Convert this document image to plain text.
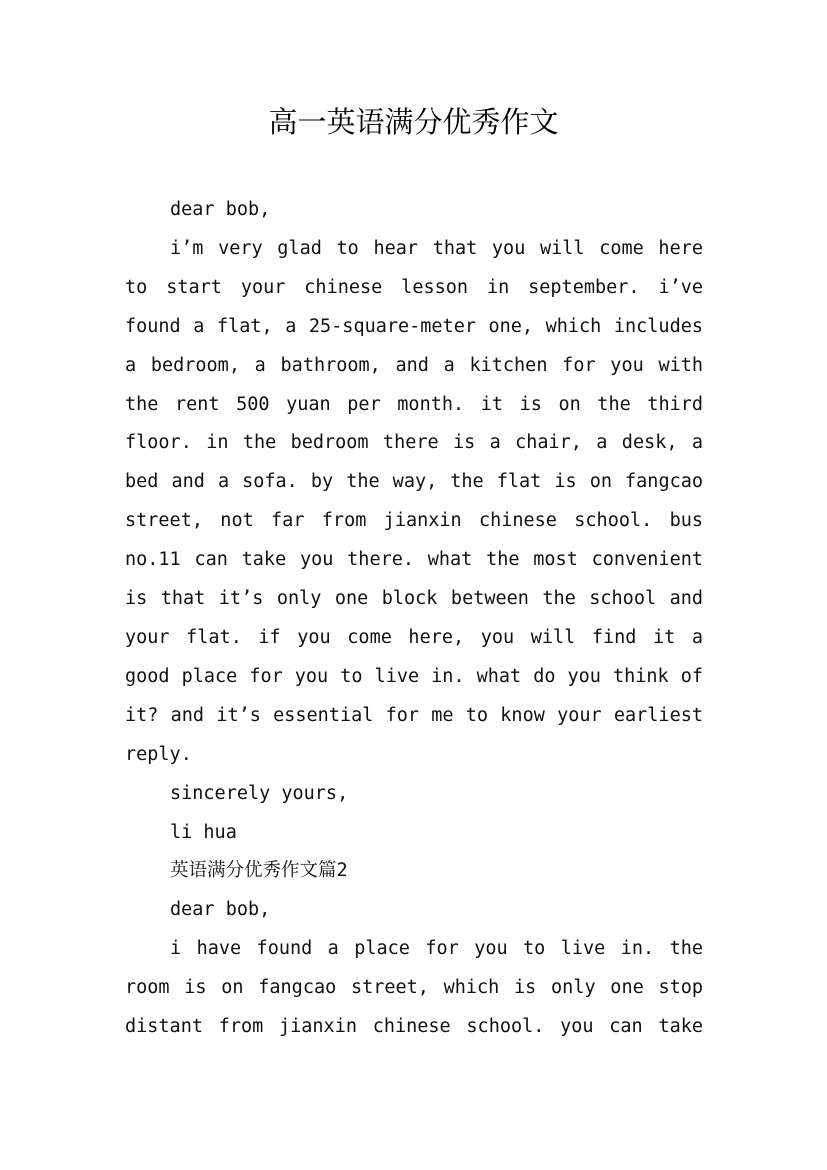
高一英语满分优秀作文

dear bob,

i’m very glad to hear that you will come here to start your chinese lesson in september. i’ve found a flat, a 25-square-meter one, which includes a bedroom, a bathroom, and a kitchen for you with the rent 500 yuan per month. it is on the third floor. in the bedroom there is a chair, a desk, a bed and a sofa. by the way, the flat is on fangcao street, not far from jianxin chinese school. bus no.11 can take you there. what the most convenient is that it’s only one block between the school and your flat. if you come here, you will find it a good place for you to live in. what do you think of it? and it’s essential for me to know your earliest reply.

sincerely yours,

li hua

英语满分优秀作文篇2

dear bob,

i have found a place for you to live in. the room is on fangcao street, which is only one stop distant from jianxin chinese school. you can take
